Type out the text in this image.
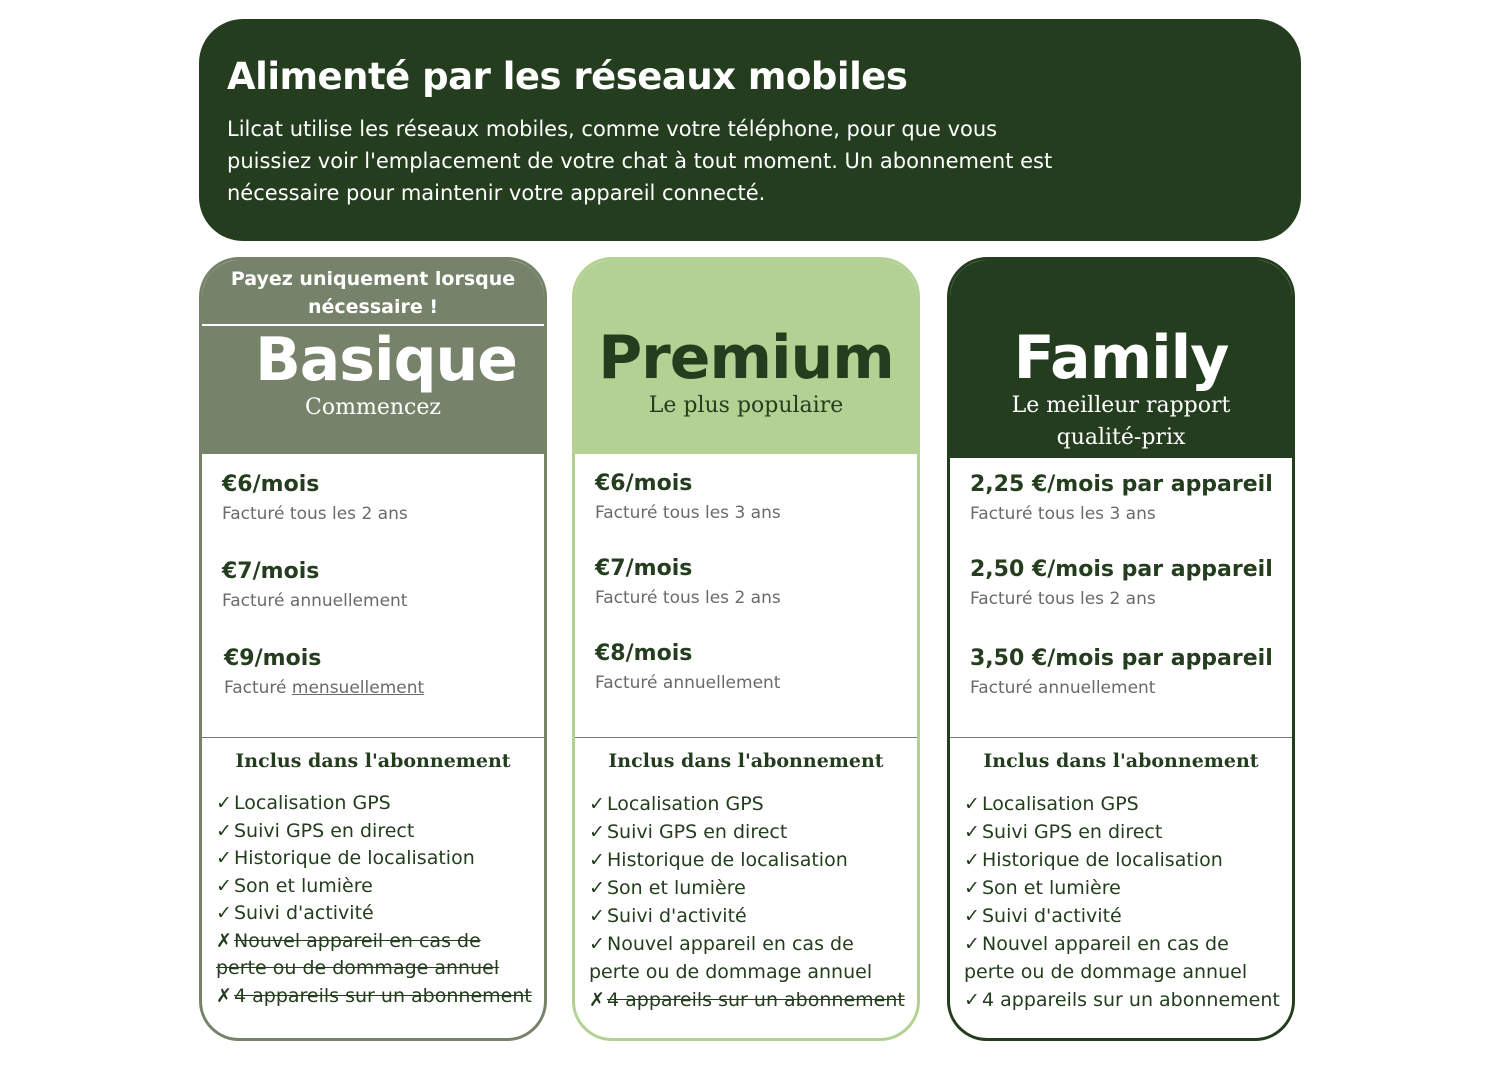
Alimenté par les réseaux mobiles

Lilcat utilise les réseaux mobiles, comme votre téléphone, pour que vous puissiez voir l'emplacement de votre chat à tout moment. Un abonnement est nécessaire pour maintenir votre appareil connecté.

Payez uniquement lorsque nécessaire !
Basique
Commencez
€6/mois
Facturé tous les 2 ans
€7/mois
Facturé annuellement
€9/mois
Facturé mensuellement
Inclus dans l'abonnement
✓ Localisation GPS
✓ Suivi GPS en direct
✓ Historique de localisation
✓ Son et lumière
✓ Suivi d'activité
✗ Nouvel appareil en cas de perte ou de dommage annuel
✗ 4 appareils sur un abonnement
Premium
Le plus populaire
€6/mois
Facturé tous les 3 ans
€7/mois
Facturé tous les 2 ans
€8/mois
Facturé annuellement
Inclus dans l'abonnement
✓ Localisation GPS
✓ Suivi GPS en direct
✓ Historique de localisation
✓ Son et lumière
✓ Suivi d'activité
✓ Nouvel appareil en cas de perte ou de dommage annuel
✗ 4 appareils sur un abonnement
Family
Le meilleur rapport qualité-prix
2,25 €/mois par appareil
Facturé tous les 3 ans
2,50 €/mois par appareil
Facturé tous les 2 ans
3,50 €/mois par appareil
Facturé annuellement
Inclus dans l'abonnement
✓ Localisation GPS
✓ Suivi GPS en direct
✓ Historique de localisation
✓ Son et lumière
✓ Suivi d'activité
✓ Nouvel appareil en cas de perte ou de dommage annuel
✓ 4 appareils sur un abonnement
